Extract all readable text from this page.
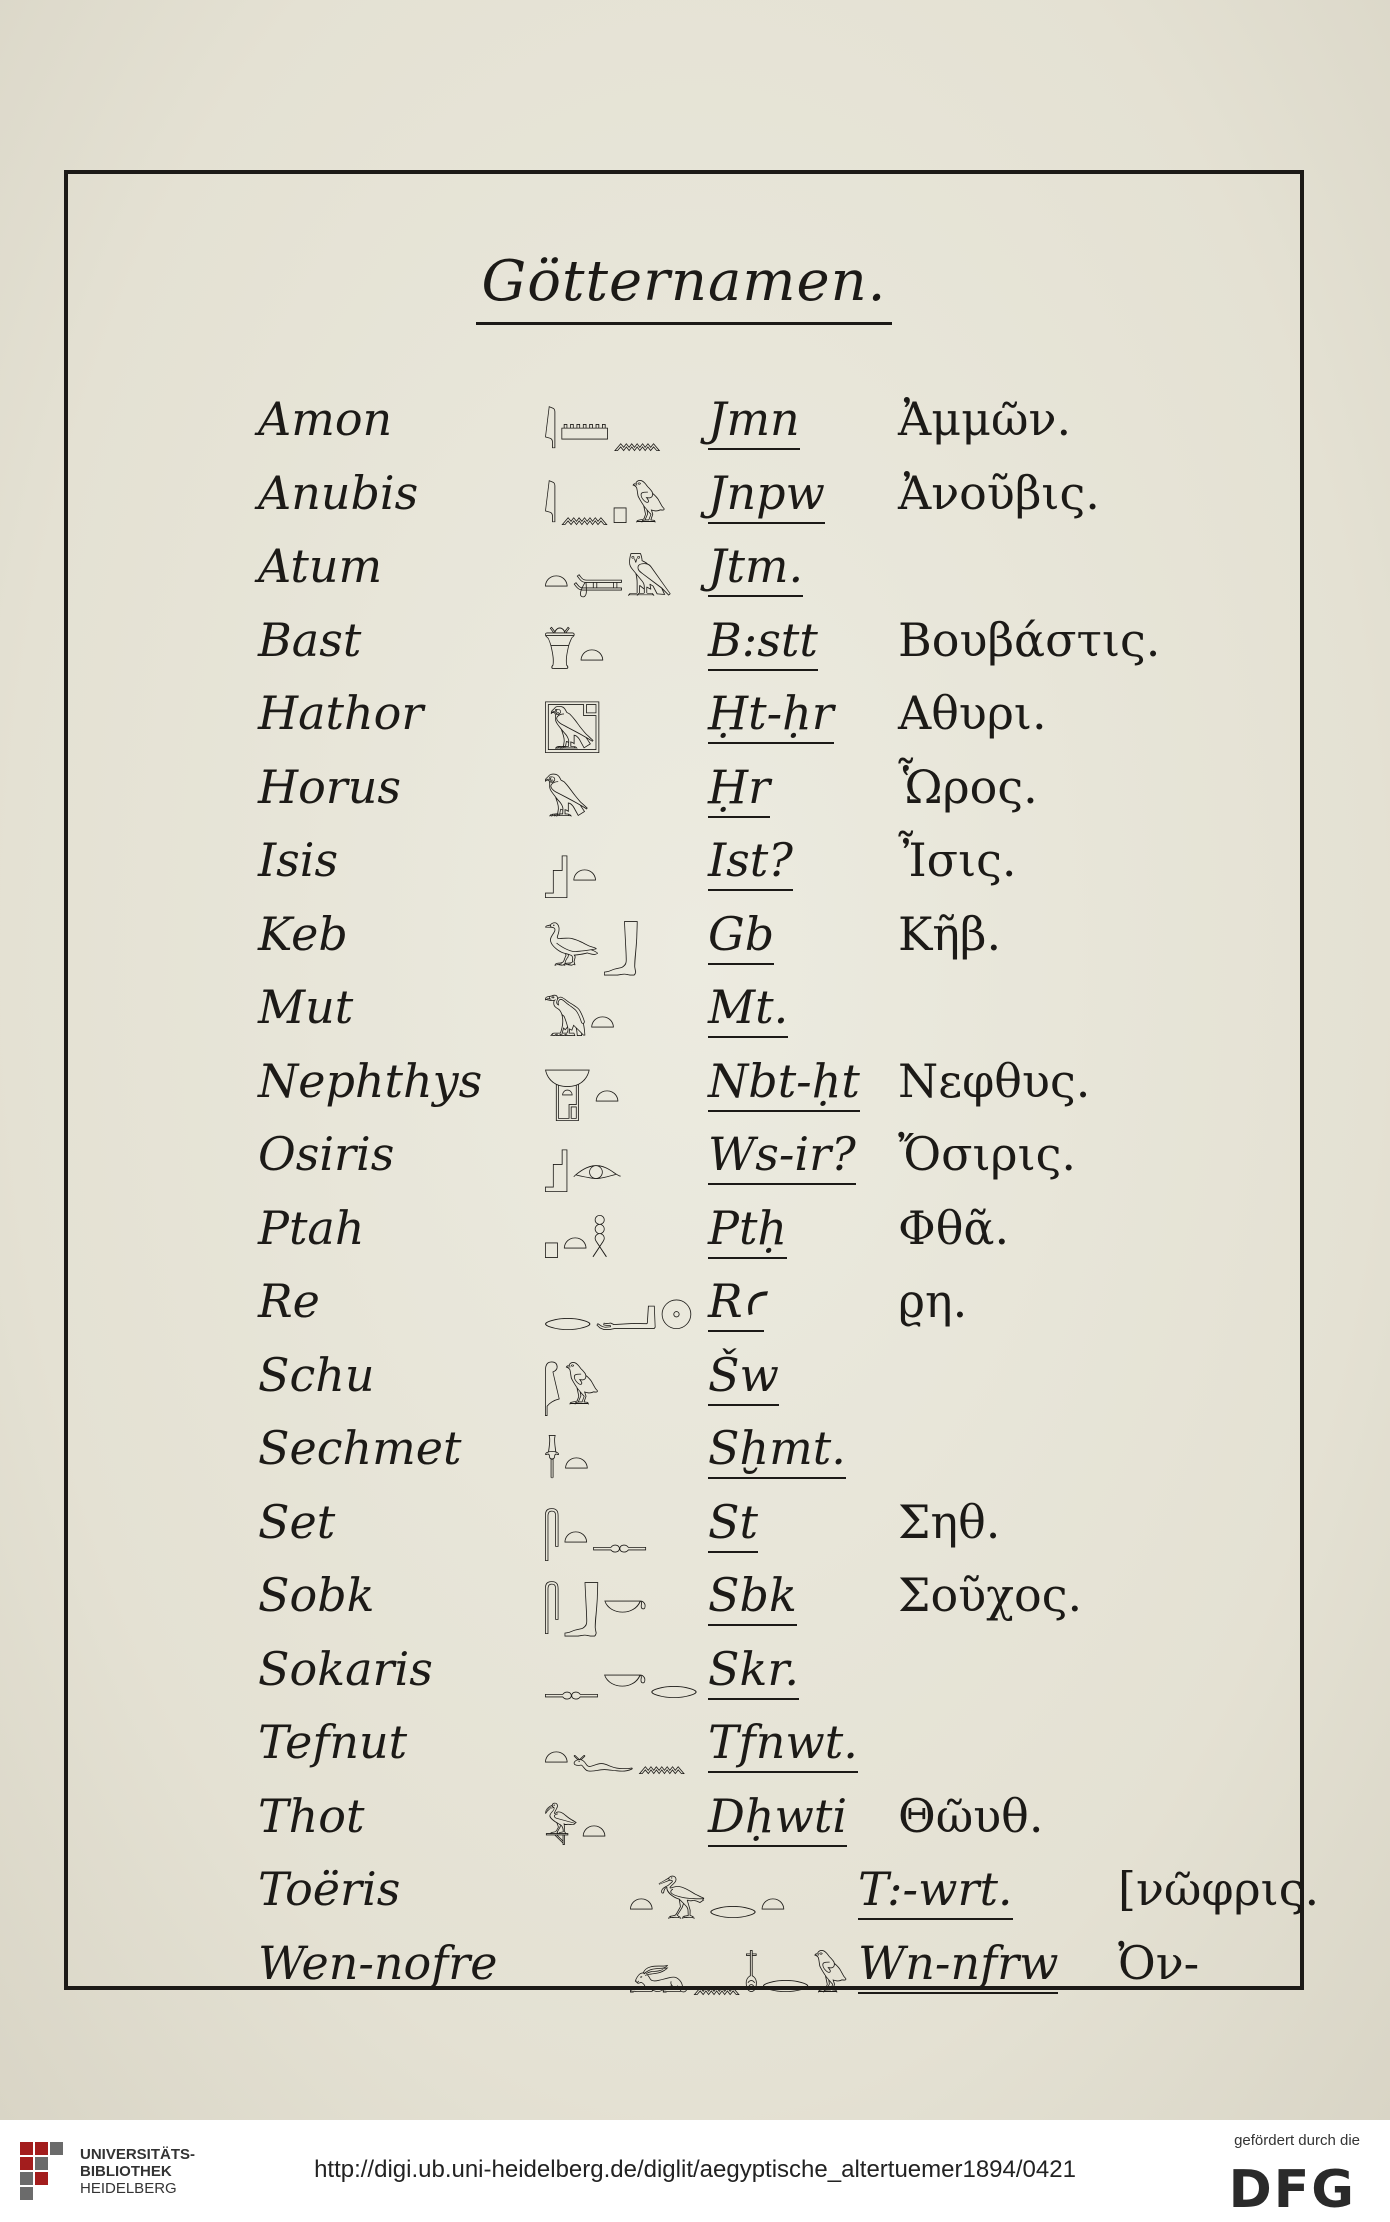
Götternamen.
Amon	𓇋𓏠𓈖 Jmn Ἀμμῶν.
Anubis	𓇋𓈖𓊪𓅱 Jnpw Ἀνοῦβις.
Atum	𓏏𓍃𓅓 Jtm.
Bast	𓎯𓏏 B:stt Βουβάστις.
Hathor	𓉡 Ḥt-ḥr Αθυρι.
Horus	𓅃	Ḥr	Ὧρος.
Isis	𓊨𓏏 Ist? Ἶσις.
Keb	𓅬𓃀 Gb	Κῆβ.
Mut	𓅐𓏏 Mt.
Nephthys 𓉠𓏏 Nbt-ḥt Νεφθυς.
Osiris	𓊨𓁹 Ws-ir? Ὄσιρις.
Ptah	𓊪𓏏𓎛 Ptḥ Φθᾶ.
Re	𓂋𓂝𓇳 Rꜥ	ϱη.
Schu	𓆄𓅱 Šw
Sechmet 𓌂𓏏	Sḫmt.
Set	𓋴𓏏𓊃 St	Σηθ.
Sobk	𓋴𓃀𓎡 Sbk Σοῦχος.
Sokaris	𓊃𓎡𓂋 Skr.
Tefnut	𓏏𓆑𓈖 Tfnwt.
Thot	𓅝𓏏 Dḥwti Θῶυθ.
Toëris	𓏏𓅡𓂋𓏏 T:-wrt. [νῶφρις.
Wen-nofre	𓃹𓈖𓄤𓂋𓅱 Wn-nfrw Ὀν-
UNIVERSITÄTS-
BIBLIOTHEK
HEIDELBERG
http://digi.ub.uni-heidelberg.de/diglit/aegyptische_altertuemer1894/0421
gefördert durch die
DFG
